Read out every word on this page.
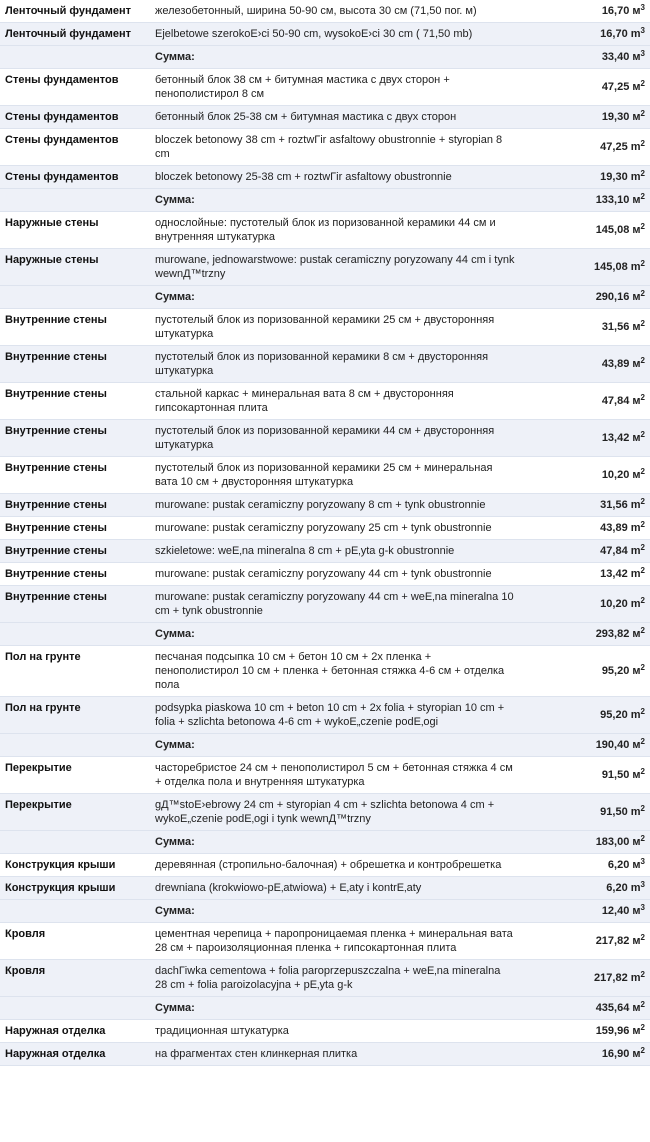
Ленточный фундамент	железобетонный, ширина 50-90 см, высота 30 см (71,50 пог. м)	16,70 $м^3$
Ленточный фундамент	Ejelbetowe szerokoE›ci 50-90 cm, wysokoE›ci 30 cm ( 71,50 mb)	16,70 $m^3$
	Сумма:	33,40 $м^3$
Стены фундаментов	бетонный блок 38 см + битумная мастика с двух сторон + пенополистирол 8 см	47,25 $м^2$
Стены фундаментов	бетонный блок 25-38 см + битумная мастика с двух сторон	19,30 $м^2$
Стены фундаментов	bloczek betonowy 38 cm + roztwГіr asfaltowy obustronnie + styropian 8 cm	47,25 $m^2$
Стены фундаментов	bloczek betonowy 25-38 cm + roztwГіr asfaltowy obustronnie	19,30 $m^2$
	Сумма:	133,10 $м^2$
Наружные стены	однослойные: пустотелый блок из поризованной керамики 44 см и внутренняя штукатурка	145,08 $м^2$
Наружные стены	murowane, jednowarstwowe: pustak ceramiczny poryzowany 44 cm i tynk wewnД™trzny	145,08 $m^2$
	Сумма:	290,16 $м^2$
Внутренние стены	пустотелый блок из поризованной керамики 25 см + двусторонняя штукатурка	31,56 $м^2$
Внутренние стены	пустотелый блок из поризованной керамики 8 см + двусторонняя штукатурка	43,89 $м^2$
Внутренние стены	стальной каркас + минеральная вата 8 см + двусторонняя гипсокартонная плита	47,84 $м^2$
Внутренние стены	пустотелый блок из поризованной керамики 44 см + двусторонняя штукатурка	13,42 $м^2$
Внутренние стены	пустотелый блок из поризованной керамики 25 см + минеральная вата 10 см + двусторонняя штукатурка	10,20 $м^2$
Внутренние стены	murowane: pustak ceramiczny poryzowany 8 cm + tynk obustronnie	31,56 $m^2$
Внутренние стены	murowane: pustak ceramiczny poryzowany 25 cm + tynk obustronnie	43,89 $m^2$
Внутренние стены	szkieletowe: weE‚na mineralna 8 cm + pE‚yta g-k obustronnie	47,84 $m^2$
Внутренние стены	murowane: pustak ceramiczny poryzowany 44 cm + tynk obustronnie	13,42 $m^2$
Внутренние стены	murowane: pustak ceramiczny poryzowany 44 cm + weE‚na mineralna 10 cm + tynk obustronnie	10,20 $m^2$
	Сумма:	293,82 $м^2$
Пол на грунте	песчаная подсыпка 10 см + бетон 10 см + 2х пленка + пенополистирол 10 см + пленка + бетонная стяжка 4-6 см + отделка пола	95,20 $м^2$
Пол на грунте	podsypka piaskowa 10 cm + beton 10 cm + 2x folia + styropian 10 cm + folia + szlichta betonowa 4-6 cm + wykoE„czenie podE‚ogi	95,20 $m^2$
	Сумма:	190,40 $м^2$
Перекрытие	часторебристое 24 см + пенополистирол 5 см + бетонная стяжка 4 см + отделка пола и внутренняя штукатурка	91,50 $м^2$
Перекрытие	gД™stoE›ebrowy 24 cm + styropian 4 cm + szlichta betonowa 4 cm + wykoE„czenie podE‚ogi i tynk wewnД™trzny	91,50 $m^2$
	Сумма:	183,00 $м^2$
Конструкция крыши	деревянная (стропильно-балочная) + обрешетка и контробрешетка	6,20 $м^3$
Конструкция крыши	drewniana (krokwiowo-pE‚atwiowa) + E‚aty i kontrE‚aty	6,20 $m^3$
	Сумма:	12,40 $м^3$
Кровля	цементная черепица + паропроницаемая пленка + минеральная вата 28 см + пароизоляционная пленка + гипсокартонная плита	217,82 $м^2$
Кровля	dachГіwka cementowa + folia paroprzepuszczalna + weE‚na mineralna 28 cm + folia paroizolacyjna + pE‚yta g-k	217,82 $m^2$
	Сумма:	435,64 $м^2$
Наружная отделка	традиционная штукатурка	159,96 $м^2$
Наружная отделка	на фрагментах стен клинкерная плитка	16,90 $м^2$
